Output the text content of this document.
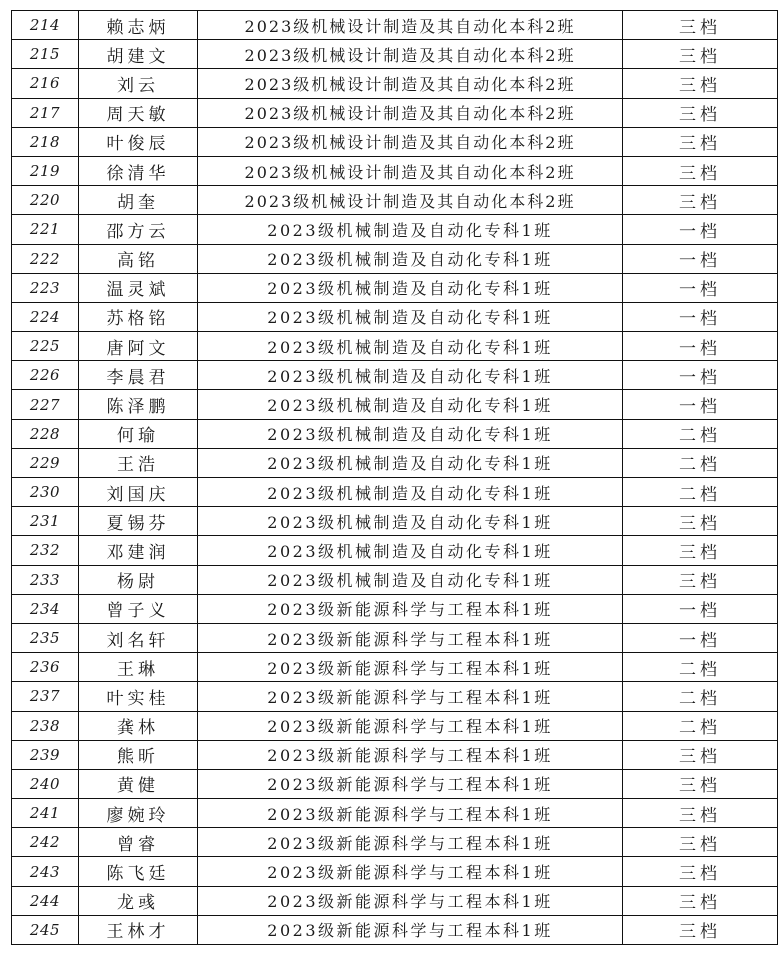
214	赖志炳	2023级机械设计制造及其自动化本科2班	三档
215	胡建文	2023级机械设计制造及其自动化本科2班	三档
216	刘云	2023级机械设计制造及其自动化本科2班	三档
217	周天敏	2023级机械设计制造及其自动化本科2班	三档
218	叶俊辰	2023级机械设计制造及其自动化本科2班	三档
219	徐清华	2023级机械设计制造及其自动化本科2班	三档
220	胡奎	2023级机械设计制造及其自动化本科2班	三档
221	邵方云	2023级机械制造及自动化专科1班	一档
222	高铭	2023级机械制造及自动化专科1班	一档
223	温灵斌	2023级机械制造及自动化专科1班	一档
224	苏格铭	2023级机械制造及自动化专科1班	一档
225	唐阿文	2023级机械制造及自动化专科1班	一档
226	李晨君	2023级机械制造及自动化专科1班	一档
227	陈泽鹏	2023级机械制造及自动化专科1班	一档
228	何瑜	2023级机械制造及自动化专科1班	二档
229	王浩	2023级机械制造及自动化专科1班	二档
230	刘国庆	2023级机械制造及自动化专科1班	二档
231	夏锡芬	2023级机械制造及自动化专科1班	三档
232	邓建润	2023级机械制造及自动化专科1班	三档
233	杨尉	2023级机械制造及自动化专科1班	三档
234	曾子义	2023级新能源科学与工程本科1班	一档
235	刘名轩	2023级新能源科学与工程本科1班	一档
236	王琳	2023级新能源科学与工程本科1班	二档
237	叶实桂	2023级新能源科学与工程本科1班	二档
238	龚林	2023级新能源科学与工程本科1班	二档
239	熊昕	2023级新能源科学与工程本科1班	三档
240	黄健	2023级新能源科学与工程本科1班	三档
241	廖婉玲	2023级新能源科学与工程本科1班	三档
242	曾睿	2023级新能源科学与工程本科1班	三档
243	陈飞廷	2023级新能源科学与工程本科1班	三档
244	龙彧	2023级新能源科学与工程本科1班	三档
245	王林才	2023级新能源科学与工程本科1班	三档
